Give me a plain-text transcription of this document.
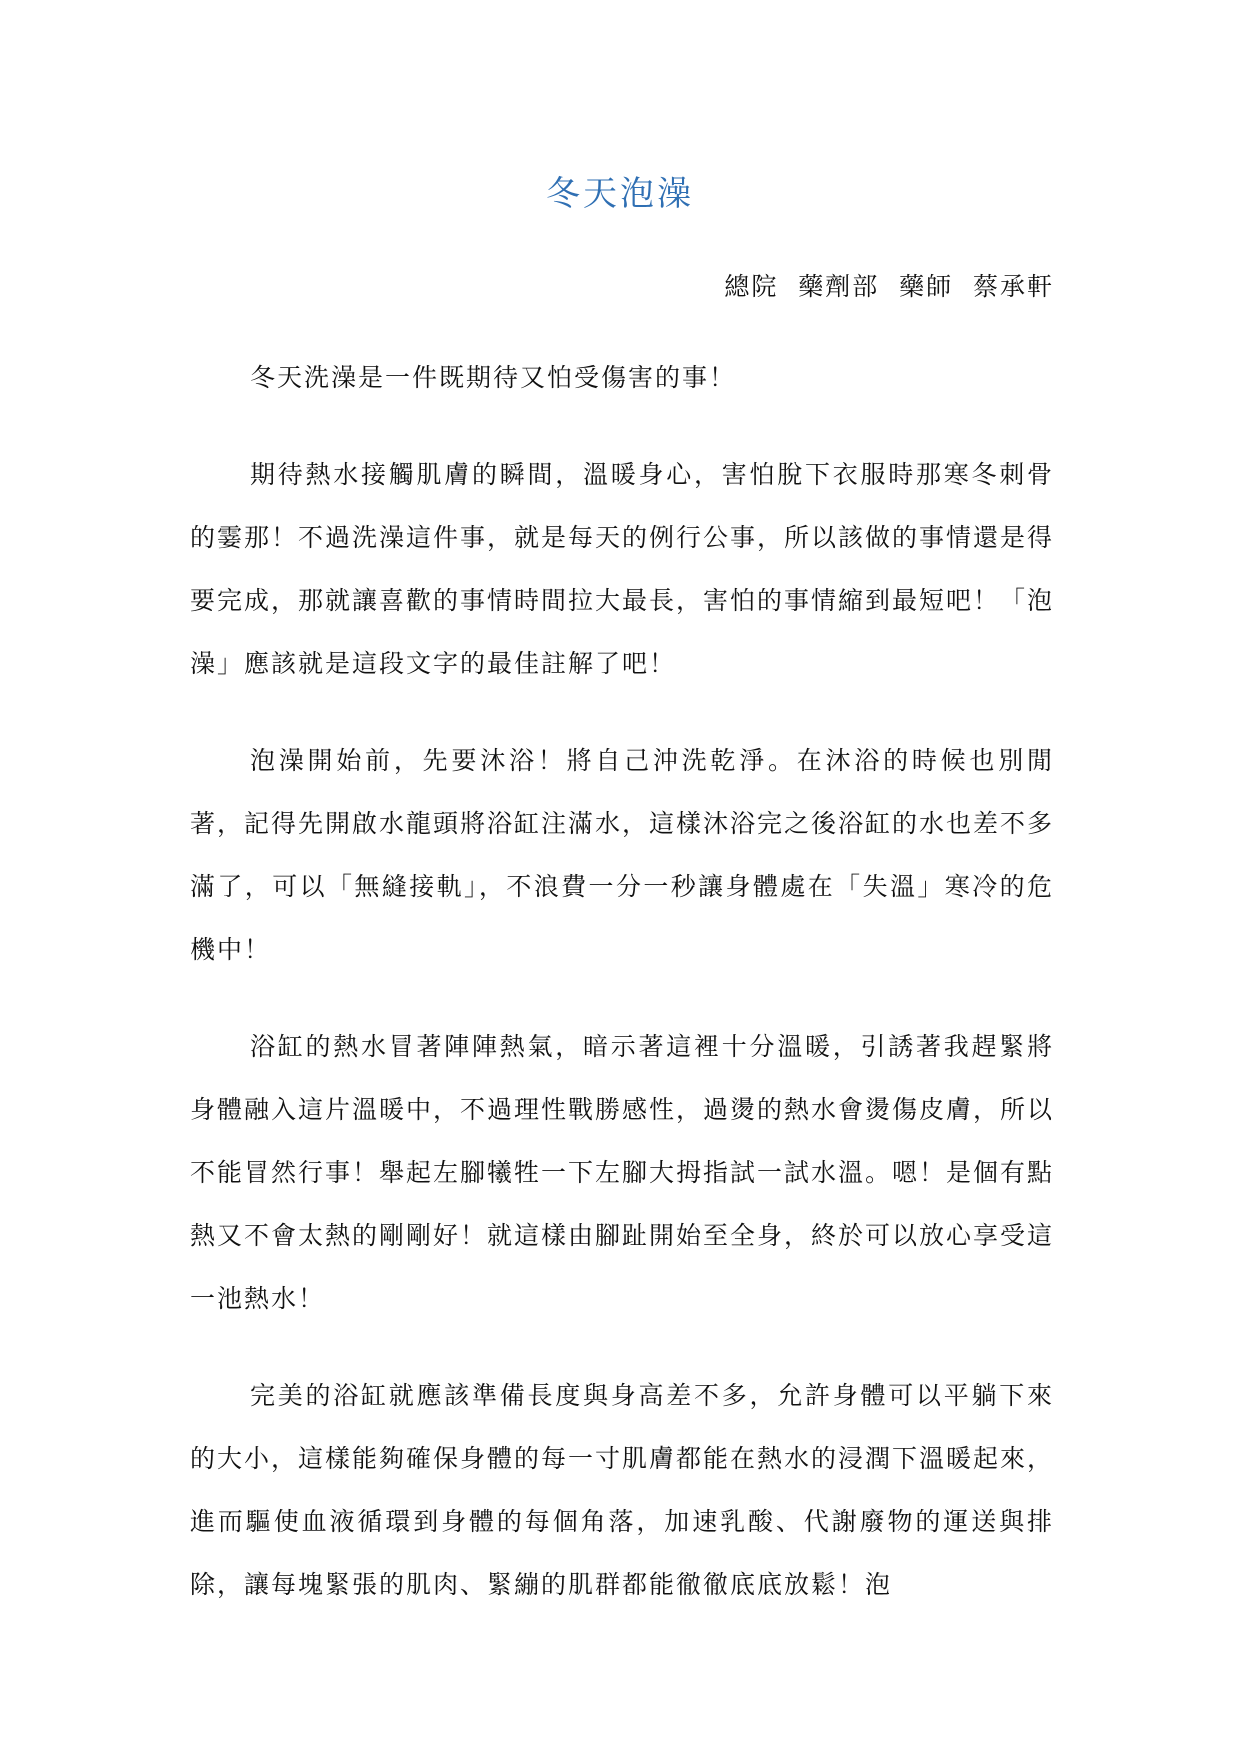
冬天泡澡
總院  藥劑部  藥師  蔡承軒

冬天洗澡是一件既期待又怕受傷害的事！

期待熱水接觸肌膚的瞬間，溫暖身心，害怕脫下衣服時那寒冬刺骨的霎那！不過洗澡這件事，就是每天的例行公事，所以該做的事情還是得要完成，那就讓喜歡的事情時間拉大最長，害怕的事情縮到最短吧！「泡澡」應該就是這段文字的最佳註解了吧！

泡澡開始前，先要沐浴！將自己沖洗乾淨。在沐浴的時候也別閒著，記得先開啟水龍頭將浴缸注滿水，這樣沐浴完之後浴缸的水也差不多滿了，可以「無縫接軌」，不浪費一分一秒讓身體處在「失溫」寒冷的危機中！

浴缸的熱水冒著陣陣熱氣，暗示著這裡十分溫暖，引誘著我趕緊將身體融入這片溫暖中，不過理性戰勝感性，過燙的熱水會燙傷皮膚，所以不能冒然行事！舉起左腳犧牲一下左腳大拇指試一試水溫。嗯！是個有點熱又不會太熱的剛剛好！就這樣由腳趾開始至全身，終於可以放心享受這一池熱水！

完美的浴缸就應該準備長度與身高差不多，允許身體可以平躺下來的大小，這樣能夠確保身體的每一寸肌膚都能在熱水的浸潤下溫暖起來，進而驅使血液循環到身體的每個角落，加速乳酸、代謝廢物的運送與排除，讓每塊緊張的肌肉、緊繃的肌群都能徹徹底底放鬆！泡
